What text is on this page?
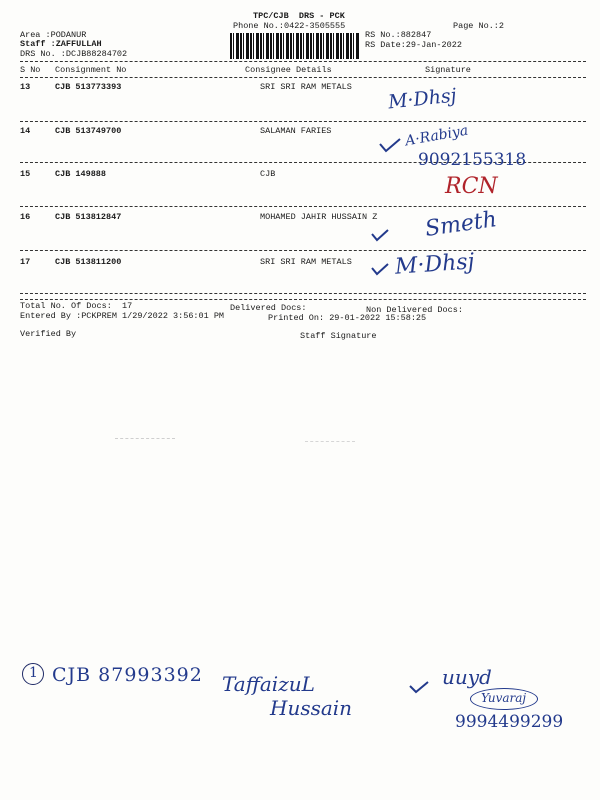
TPC/CJB  DRS - PCK
Phone No.:0422-3505555	Page No.:2
Area :PODANUR
Staff :ZAFFULLAH
DRS No. :DCJB88284702
RS No.:882847
RS Date:29-Jan-2022
S No Consignment No	Consignee Details	Signature
13	CJB 513773393	SRI SRI RAM METALS
14	CJB 513749700	SALAMAN FARIES
15	CJB 149888	CJB
16	CJB 513812847	MOHAMED JAHIR HUSSAIN Z
17	CJB 513811200	SRI SRI RAM METALS
Total No. Of Docs:  17	Delivered Docs:	Non Delivered Docs:
Entered By :PCKPREM 1/29/2022 3:56:01 PM	Printed On: 29-01-2022 15:58:25
Verified By	Staff Signature
M·Dhsj
A·Rabiya
9092155318
RCN
Smeth
M·Dhsj
1 CJB 87993392 TaffaizuL
Hussain
uuyd
Yuvaraj
9994499299
